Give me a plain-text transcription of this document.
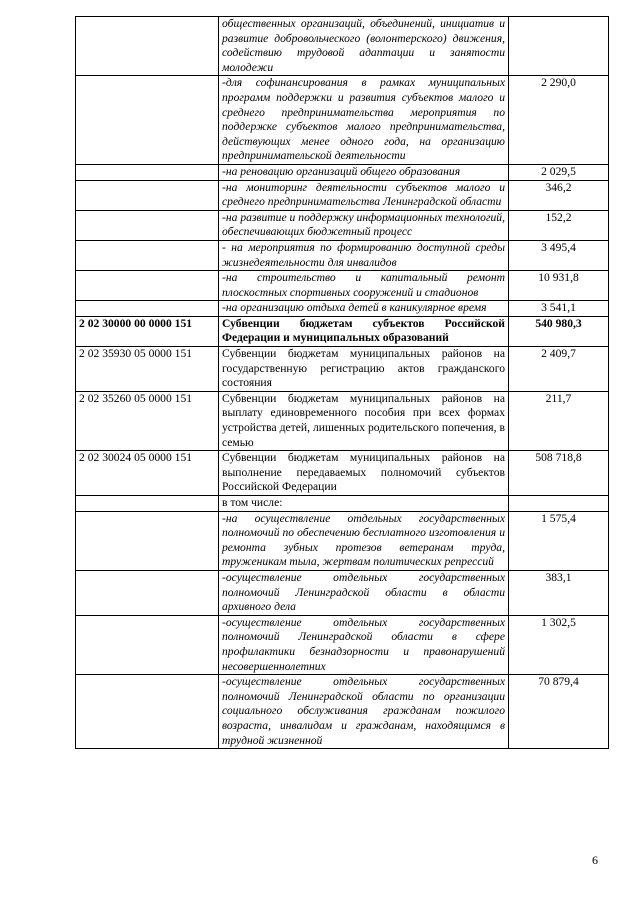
	общественных организаций, объединений, инициатив и развитие добровольческого (волонтерского) движения, содействию трудовой адаптации и занятости молодежи	
	-для софинансирования в рамках муниципальных программ поддержки и развития субъектов малого и среднего предпринимательства мероприятия по поддержке субъектов малого предпринимательства, действующих менее одного года, на организацию предпринимательской деятельности	2 290,0
	-на реновацию организаций общего образования	2 029,5
	-на мониторинг деятельности субъектов малого и среднего предпринимательства Ленинградской области	346,2
	-на развитие и поддержку информационных технологий, обеспечивающих бюджетный процесс	152,2
	- на мероприятия по формированию доступной среды жизнедеятельности для инвалидов	3 495,4
	-на строительство и капитальный ремонт плоскостных спортивных сооружений и стадионов	10 931,8
	-на организацию отдыха детей в каникулярное время	3 541,1
2 02 30000 00 0000 151	Субвенции бюджетам субъектов Российской Федерации и муниципальных образований	540 980,3
2 02 35930 05 0000 151	Субвенции бюджетам муниципальных районов на государственную регистрацию актов гражданского состояния	2 409,7
2 02 35260 05 0000 151	Субвенции бюджетам муниципальных районов на выплату единовременного пособия при всех формах устройства детей, лишенных родительского попечения, в семью	211,7
2 02 30024 05 0000 151	Субвенции бюджетам муниципальных районов на выполнение передаваемых полномочий субъектов Российской Федерации	508 718,8
	в том числе:	
	-на осуществление отдельных государственных полномочий по обеспечению бесплатного изготовления и ремонта зубных протезов ветеранам труда, труженикам тыла, жертвам политических репрессий	1 575,4
	-осуществление отдельных государственных полномочий Ленинградской области в области архивного дела	383,1
	-осуществление отдельных государственных полномочий Ленинградской области в сфере профилактики безнадзорности и правонарушений несовершеннолетних	1 302,5
	-осуществление отдельных государственных полномочий Ленинградской области по организации социального обслуживания гражданам пожилого возраста, инвалидам и гражданам, находящимся в трудной жизненной	70 879,4
6
